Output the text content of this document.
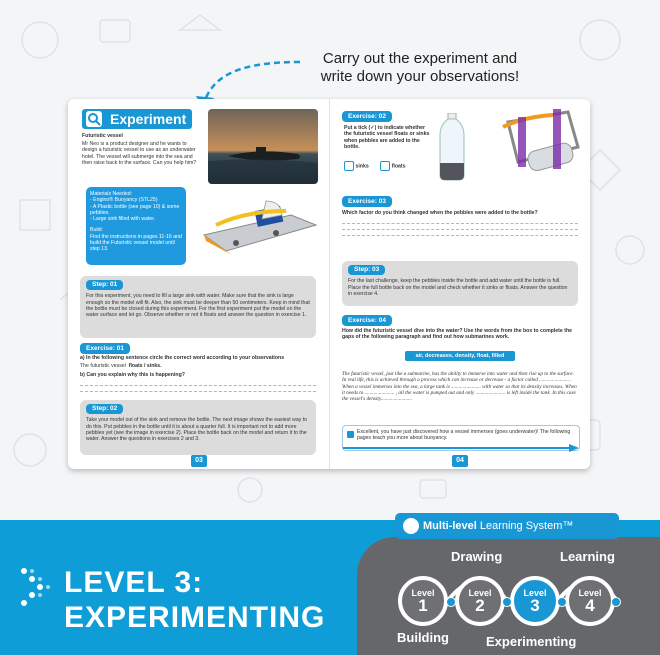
Carry out the experiment and
write down your observations!
Experiment
Futuristic vessel
Mr Neo is a product designer and he wants to design a futuristic vessel to use as an underwater hotel. The vessel will submerge into the sea and then raise back to the surface. Can you help him?
Materials Needed:
- Engino® Buoyancy (STL25)
- A Plastic bottle (see page 10) & some pebbles.
- Large sink filled with water.
Build:
Find the instructions in pages 11-16 and build the Futuristic vessel model until step 13.
Step: 01
For this experiment, you need to fill a large sink with water. Make sure that the sink is large enough so the model will fit. Also, the sink must be deeper than 50 centimeters. Keep in mind that the bottle must be closed during this experiment. For the first experiment put the model on the water surface and let go. Observe whether or not it floats and answer the question in exercise 1.
Exercise: 01
a) In the following sentence circle the correct word according to your observations
The futuristic vessel floats / sinks.
b) Can you explain why this is happening?
Step: 02
Take your model out of the sink and remove the bottle. The next image shows the easiest way to do this. Put pebbles in the bottle until it is about a quarter full. It is important not to add more pebbles yet (see the image in exercise 2). Place the bottle back on the model and return it to the water. Answer the questions in exercises 2 and 3.
03
Exercise: 02
Put a tick (✓) to indicate whether the futuristic vessel floats or sinks when pebbles are added to the bottle.
sinks	floats
Exercise: 03
Which factor do you think changed when the pebbles were added to the bottle?
Step: 03
For the last challenge, keep the pebbles inside the bottle and add water until the bottle is full. Place the full bottle back on the model and check whether it sinks or floats. Answer the question in exercise 4.
Exercise: 04
How did the futuristic vessel dive into the water? Use the words from the box to complete the gaps of the following paragraph and find out how submarines work.
air, decreases, density, float, filled
The futuristic vessel, just like a submarine, has the ability to immerse into water and then rise up to the surface. In real life, this is achieved through a process which can increase or decrease - a factor called ....................... . When a vessel immerses into the sea, a large tank is ....................... with water so that its density increases. When it needs to ....................... , all the water is pumped out and only ....................... is left inside the tank. In this case the vessel's density........................
Excellent, you have just discovered how a vessel immerses (goes underwater)! The following pages teach you more about buoyancy.
04
LEVEL 3:
EXPERIMENTING
Multi-level Learning System™
Building
Drawing
Experimenting
Learning
Level
1
Level
2
Level
3
Level
4
